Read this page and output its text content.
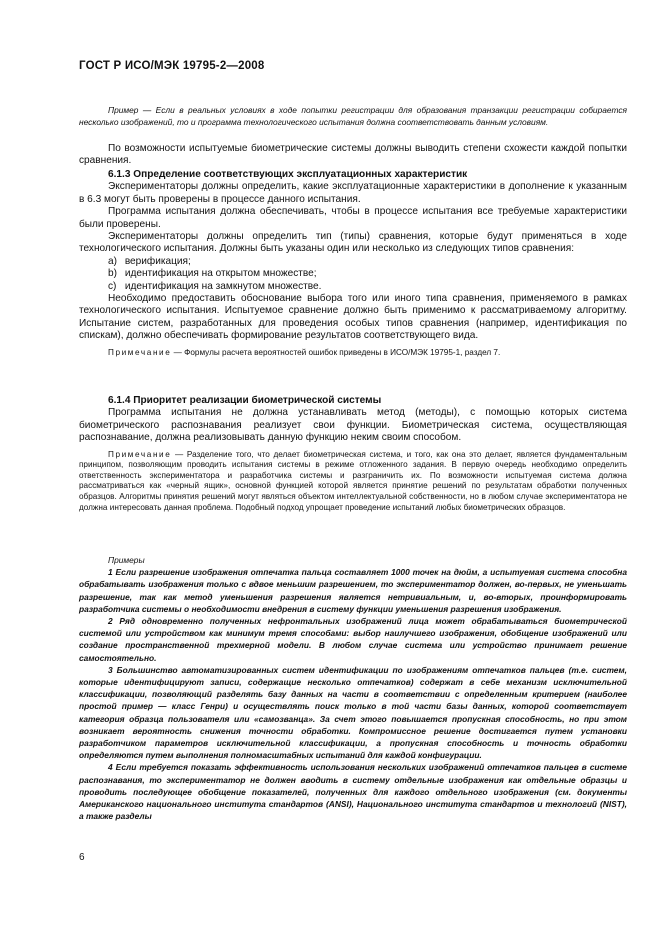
ГОСТ Р ИСО/МЭК 19795-2—2008

Пример — Если в реальных условиях в ходе попытки регистрации для образования транзакции регистрации собирается несколько изображений, то и программа технологического испытания должна соответствовать данным условиям.

По возможности испытуемые биометрические системы должны выводить степени схожести каждой попытки сравнения.

6.1.3 Определение соответствующих эксплуатационных характеристик

Экспериментаторы должны определить, какие эксплуатационные характеристики в дополнение к указанным в 6.3 могут быть проверены в процессе данного испытания.

Программа испытания должна обеспечивать, чтобы в процессе испытания все требуемые характеристики были проверены.

Экспериментаторы должны определить тип (типы) сравнения, которые будут применяться в ходе технологического испытания. Должны быть указаны один или несколько из следующих типов сравнения:

a) верификация;
b) идентификация на открытом множестве;
c) идентификация на замкнутом множестве.

Необходимо предоставить обоснование выбора того или иного типа сравнения, применяемого в рамках технологического испытания. Испытуемое сравнение должно быть применимо к рассматриваемому алгоритму. Испытание систем, разработанных для проведения особых типов сравнения (например, идентификация по спискам), должно обеспечивать формирование результатов соответствующего вида.

Примечание — Формулы расчета вероятностей ошибок приведены в ИСО/МЭК 19795-1, раздел 7.

6.1.4 Приоритет реализации биометрической системы

Программа испытания не должна устанавливать метод (методы), с помощью которых система биометрического распознавания реализует свои функции. Биометрическая система, осуществляющая распознавание, должна реализовывать данную функцию неким своим способом.

Примечание — Разделение того, что делает биометрическая система, и того, как она это делает, является фундаментальным принципом, позволяющим проводить испытания системы в режиме отложенного задания. В первую очередь необходимо определить ответственность экспериментатора и разработчика системы и разграничить их. По возможности испытуемая система должна рассматриваться как «черный ящик», основной функцией которой является принятие решений по результатам обработки полученных образцов. Алгоритмы принятия решений могут являться объектом интеллектуальной собственности, но в любом случае экспериментатора не должна интересовать данная проблема. Подобный подход упрощает проведение испытаний любых биометрических образцов.

Примеры

1 Если разрешение изображения отпечатка пальца составляет 1000 точек на дюйм, а испытуемая система способна обрабатывать изображения только с вдвое меньшим разрешением, то экспериментатор должен, во-первых, не уменьшать разрешение, так как метод уменьшения разрешения является нетривиальным, и, во-вторых, проинформировать разработчика системы о необходимости внедрения в систему функции уменьшения разрешения изображения.

2 Ряд одновременно полученных нефронтальных изображений лица может обрабатываться биометрической системой или устройством как минимум тремя способами: выбор наилучшего изображения, обобщение изображений или создание пространственной трехмерной модели. В любом случае система или устройство принимает решение самостоятельно.

3 Большинство автоматизированных систем идентификации по изображениям отпечатков пальцев (т.е. систем, которые идентифицируют записи, содержащие несколько отпечатков) содержат в себе механизм исключительной классификации, позволяющий разделять базу данных на части в соответствии с определенным критерием (наиболее простой пример — класс Генри) и осуществлять поиск только в той части базы данных, которой соответствует категория образца пользователя или «самозванца». За счет этого повышается пропускная способность, но при этом возникает вероятность снижения точности обработки. Компромиссное решение достигается путем установки разработчиком параметров исключительной классификации, а пропускная способность и точность обработки определяются путем выполнения полномасштабных испытаний для каждой конфигурации.

4 Если требуется показать эффективность использования нескольких изображений отпечатков пальцев в системе распознавания, то экспериментатор не должен вводить в систему отдельные изображения как отдельные образцы и проводить последующее обобщение показателей, полученных для каждого отдельного изображения (см. документы Американского национального института стандартов (ANSI), Национального института стандартов и технологий (NIST), а также разделы

6
